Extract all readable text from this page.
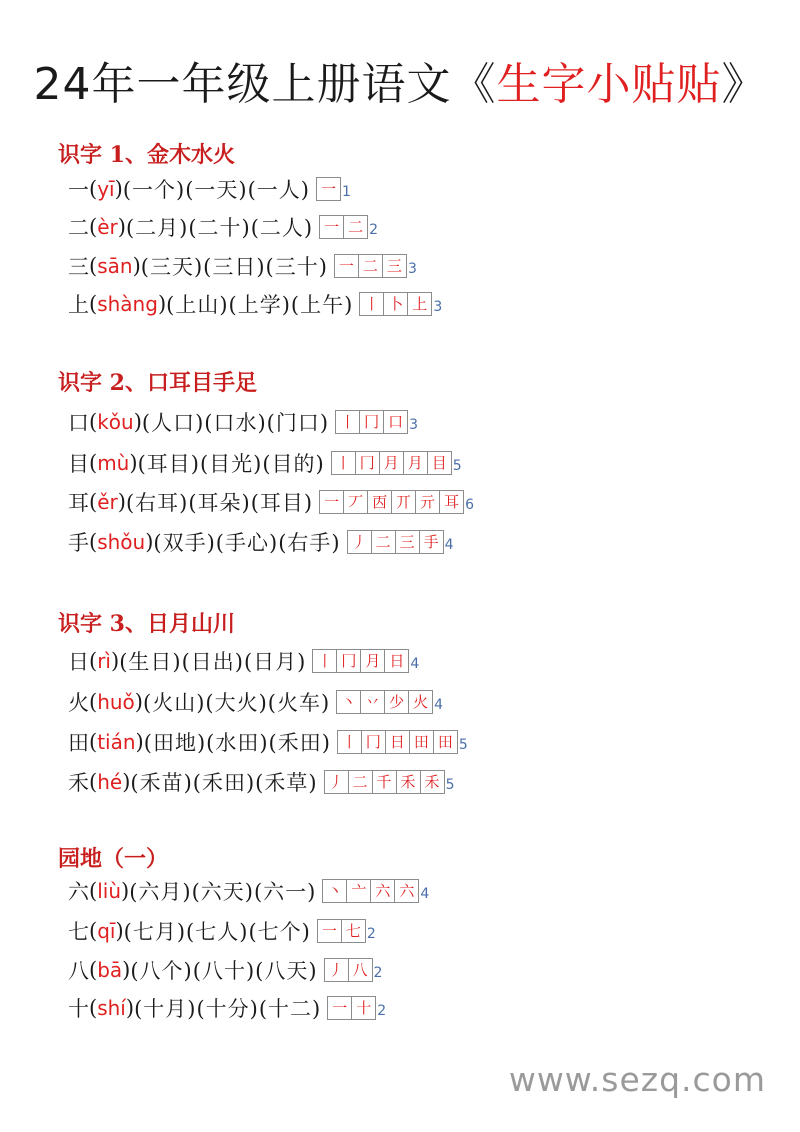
24年一年级上册语文《生字小贴贴》
识字 1、金木水火
一 ( yī ) (一个)(一天)(一人) 一 1
二 ( èr ) (二月)(二十)(二人) 一 二 2
三 ( sān ) (三天)(三日)(三十) 一 二 三 3
上 ( shàng ) (上山)(上学)(上午) 丨 卜 上 3
识字 2、口耳目手足
口 ( kǒu ) (人口)(口水)(门口) 丨 冂 口 3
目 ( mù ) (耳目)(目光)(目的) 丨 冂 月 月 目 5
耳 ( ěr ) (右耳)(耳朵)(耳目) 一 丆 㐁 丌 亓 耳 6
手 ( shǒu ) (双手)(手心)(右手) 丿 二 三 手 4
识字 3、日月山川
日 ( rì ) (生日)(日出)(日月) 丨 冂 月 日 4
火 ( huǒ ) (火山)(大火)(火车) 丶 丷 少 火 4
田 ( tián ) (田地)(水田)(禾田) 丨 冂 日 田 田 5
禾 ( hé ) (禾苗)(禾田)(禾草) 丿 二 千 禾 禾 5
园地（一）
六 ( liù ) (六月)(六天)(六一) 丶 亠 六 六 4
七 ( qī ) (七月)(七人)(七个) 一 七 2
八 ( bā ) (八个)(八十)(八天) 丿 八 2
十 ( shí ) (十月)(十分)(十二) 一 十 2
www.sezq.com
